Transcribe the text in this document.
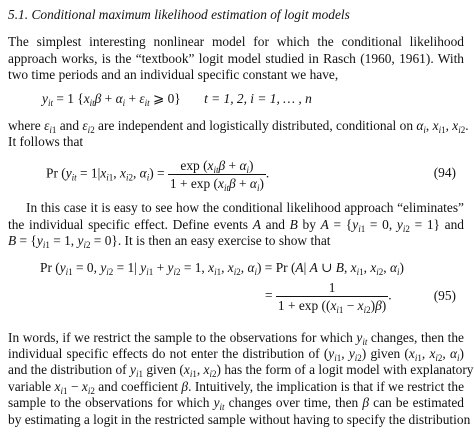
5.1. Conditional maximum likelihood estimation of logit models

The simplest interesting nonlinear model for which the conditional likelihood approach works, is the “textbook” logit model studied in Rasch (1960, 1961). With two time periods and an individual specific constant we have,

$y_{it} = 1$ {$x_{it}\beta + \alpha_i + \varepsilon_{it}$ ⩾ 0} t = 1, 2, i = 1, … , n

where $\varepsilon_{i1}$ and $\varepsilon_{i2}$ are independent and logistically distributed, conditional on $\alpha_i$, $x_{i1}$, $x_{i2}$.
It follows that

Pr ($y_{it} = 1|x_{i1}$, $x_{i2}$, $\alpha_i) = \frac{\exp (x_{it}\beta + \alpha_i)}{1 + \exp (x_{it}\beta + \alpha_i)}$ .	(94)

In this case it is easy to see how the conditional likelihood approach “eliminates” the individual specific effect. Define events A and B by $A = \{y_{i1} = 0$, $y_{i2} = 1$} and $B = \{y_{i1} = 1$, $y_{i2} = 0$}. It is then an easy exercise to show that

Pr ($y_{i1} = 0$, $y_{i2} = 1|$ $y_{i1} + y_{i2} = 1$, $x_{i1}$, $x_{i2}$, $\alpha_i) = Pr$ (A| A ∪ B, $x_{i1}$, $x_{i2}$, $\alpha_i$)
= $\frac{1}{1 + \exp ((x_{i1} - x_{i2})\beta)}$ .	(95)

In words, if we restrict the sample to the observations for which $y_{it}$ changes, then the individual specific effects do not enter the distribution of ($y_{i1}$, $y_{i2}$) given ($x_{i1}$, $x_{i2}$, $\alpha_i$) and the distribution of $y_{i1}$ given ($x_{i1}$, $x_{i2}$) has the form of a logit model with explanatory variable $x_{i1} - x_{i2}$ and coefficient β. Intuitively, the implication is that if we restrict the sample to the observations for which $y_{it}$ changes over time, then β can be estimated by estimating a logit in the restricted sample without having to specify the distribution
